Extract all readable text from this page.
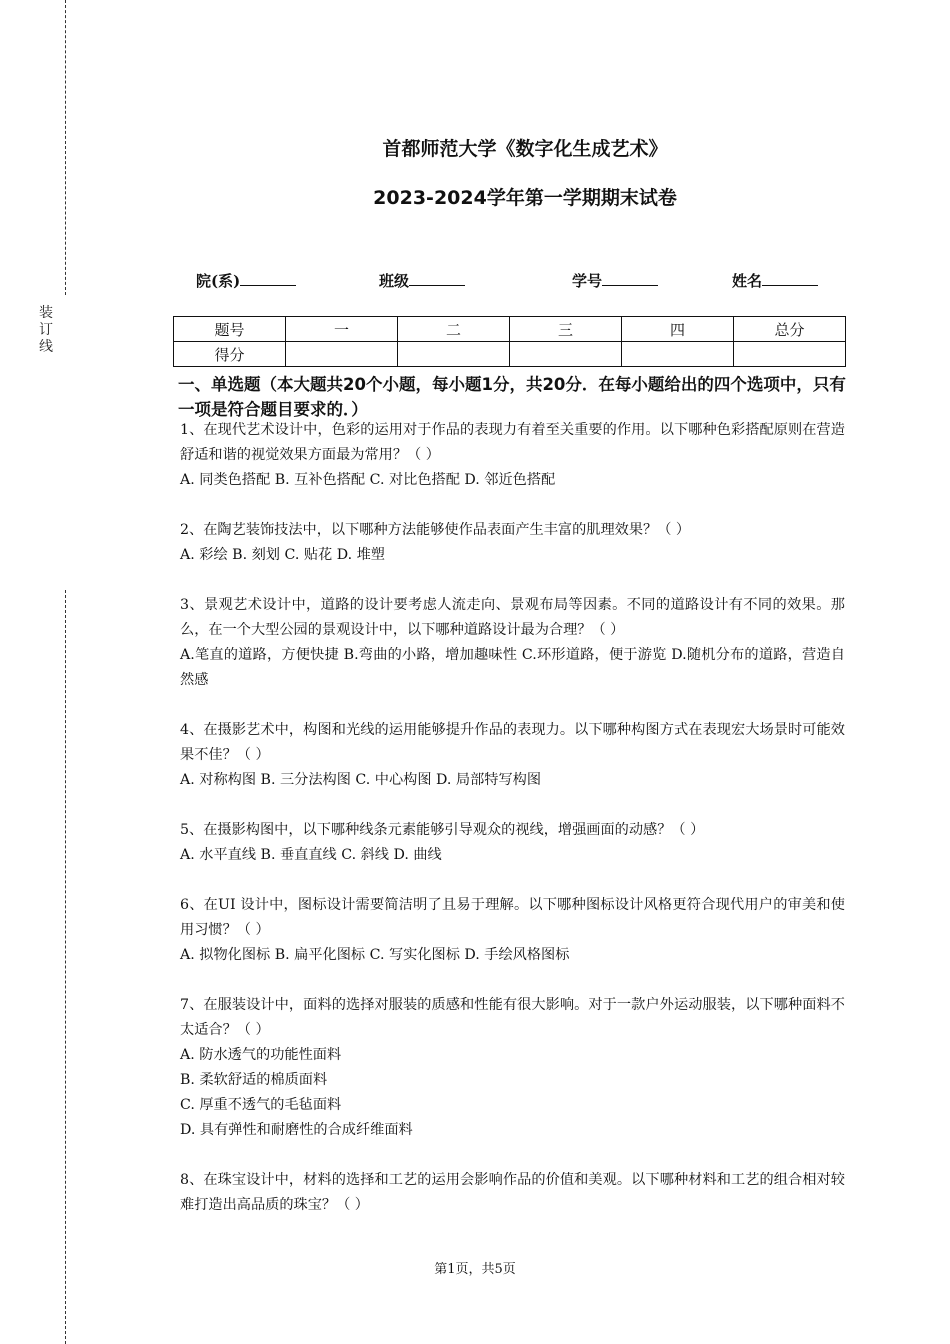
装订线
首都师范大学《数字化生成艺术》
2023-2024学年第一学期期末试卷
院(系)	班级	学号	姓名
题号	一	二	三	四	总分
得分					
一、单选题（本大题共20个小题，每小题1分，共20分．在每小题给出的四个选项中，只有一项是符合题目要求的．）

1、在现代艺术设计中，色彩的运用对于作品的表现力有着至关重要的作用。以下哪种色彩搭配原则在营造舒适和谐的视觉效果方面最为常用？（ ）

A. 同类色搭配 B. 互补色搭配 C. 对比色搭配 D. 邻近色搭配

2、在陶艺装饰技法中，以下哪种方法能够使作品表面产生丰富的肌理效果？（ ）

A. 彩绘 B. 刻划 C. 贴花 D. 堆塑

3、景观艺术设计中，道路的设计要考虑人流走向、景观布局等因素。不同的道路设计有不同的效果。那么，在一个大型公园的景观设计中，以下哪种道路设计最为合理？（ ）

A.笔直的道路，方便快捷 B.弯曲的小路，增加趣味性 C.环形道路，便于游览 D.随机分布的道路，营造自然感

4、在摄影艺术中，构图和光线的运用能够提升作品的表现力。以下哪种构图方式在表现宏大场景时可能效果不佳？（ ）

A. 对称构图 B. 三分法构图 C. 中心构图 D. 局部特写构图

5、在摄影构图中，以下哪种线条元素能够引导观众的视线，增强画面的动感？（ ）

A. 水平直线 B. 垂直直线 C. 斜线 D. 曲线

6、在UI 设计中，图标设计需要简洁明了且易于理解。以下哪种图标设计风格更符合现代用户的审美和使用习惯？（ ）

A. 拟物化图标 B. 扁平化图标 C. 写实化图标 D. 手绘风格图标

7、在服装设计中，面料的选择对服装的质感和性能有很大影响。对于一款户外运动服装，以下哪种面料不太适合？（ ）

A. 防水透气的功能性面料

B. 柔软舒适的棉质面料

C. 厚重不透气的毛毡面料

D. 具有弹性和耐磨性的合成纤维面料

8、在珠宝设计中，材料的选择和工艺的运用会影响作品的价值和美观。以下哪种材料和工艺的组合相对较难打造出高品质的珠宝？（ ）

第1页，共5页
